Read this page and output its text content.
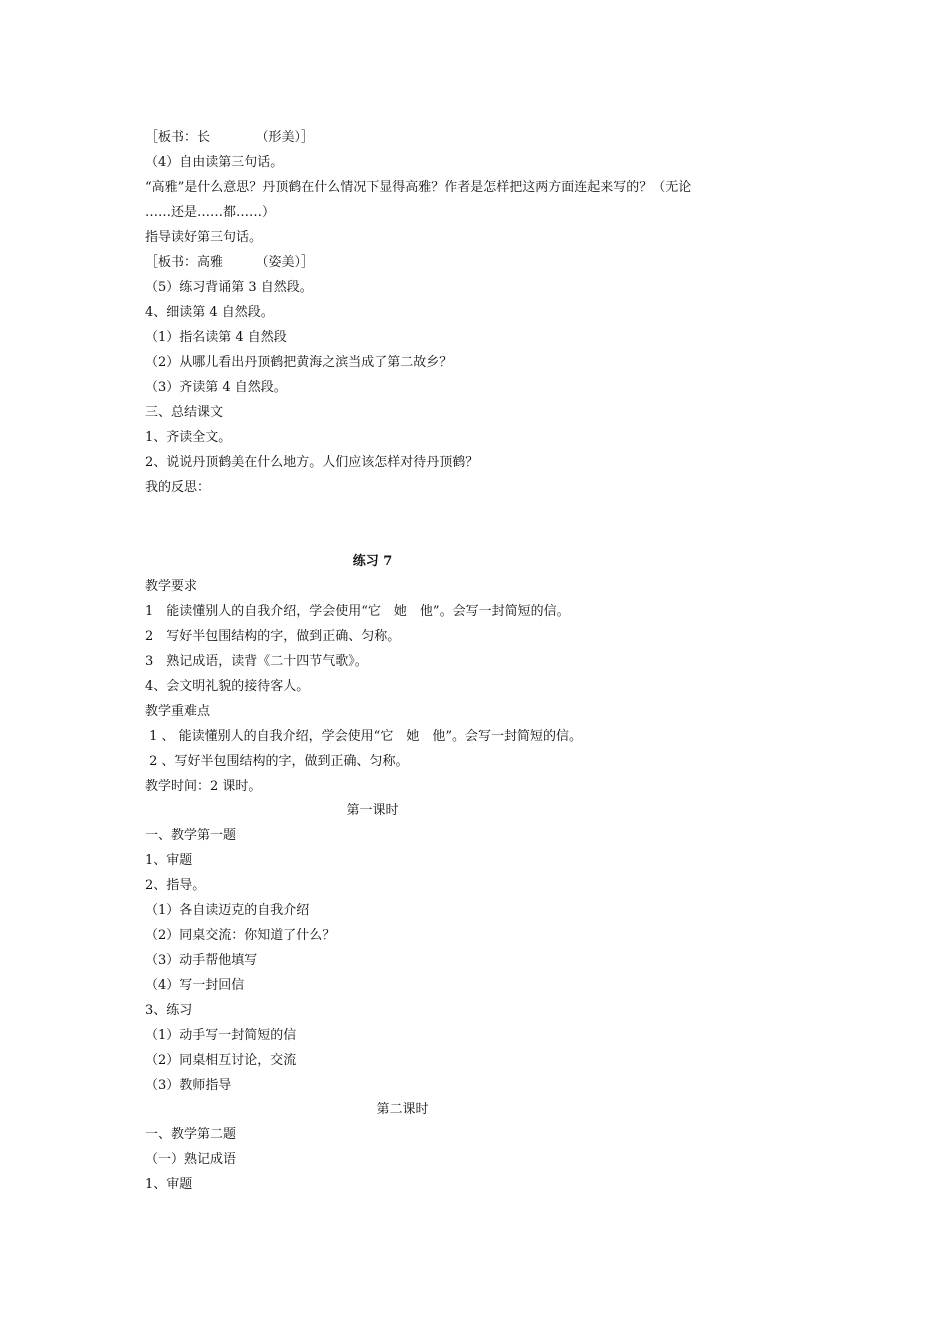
［板书：长　　　　（形美）］
（4）自由读第三句话。
“高雅”是什么意思？丹顶鹤在什么情况下显得高雅？作者是怎样把这两方面连起来写的？（无论
……还是……都……）
指导读好第三句话。
［板书：高雅　　　（姿美）］
（5）练习背诵第 3 自然段。
4、细读第 4 自然段。
（1）指名读第 4 自然段
（2）从哪儿看出丹顶鹤把黄海之滨当成了第二故乡？
（3）齐读第 4 自然段。
三、总结课文
1、齐读全文。
2、说说丹顶鹤美在什么地方。人们应该怎样对待丹顶鹤？
我的反思：
练习 7
教学要求
1　能读懂别人的自我介绍，学会使用“它　她　他”。会写一封简短的信。
2　写好半包围结构的字，做到正确、匀称。
3　熟记成语，读背《二十四节气歌》。
4、会文明礼貌的接待客人。
教学重难点
1 、 能读懂别人的自我介绍，学会使用“它　她　他”。会写一封简短的信。
2 、写好半包围结构的字，做到正确、匀称。
教学时间：2 课时。
第一课时
一、教学第一题
1、审题
2、指导。
（1）各自读迈克的自我介绍
（2）同桌交流：你知道了什么？
（3）动手帮他填写
（4）写一封回信
3、练习
（1）动手写一封简短的信
（2）同桌相互讨论，交流
（3）教师指导
第二课时
一、教学第二题
（一）熟记成语
1、审题
